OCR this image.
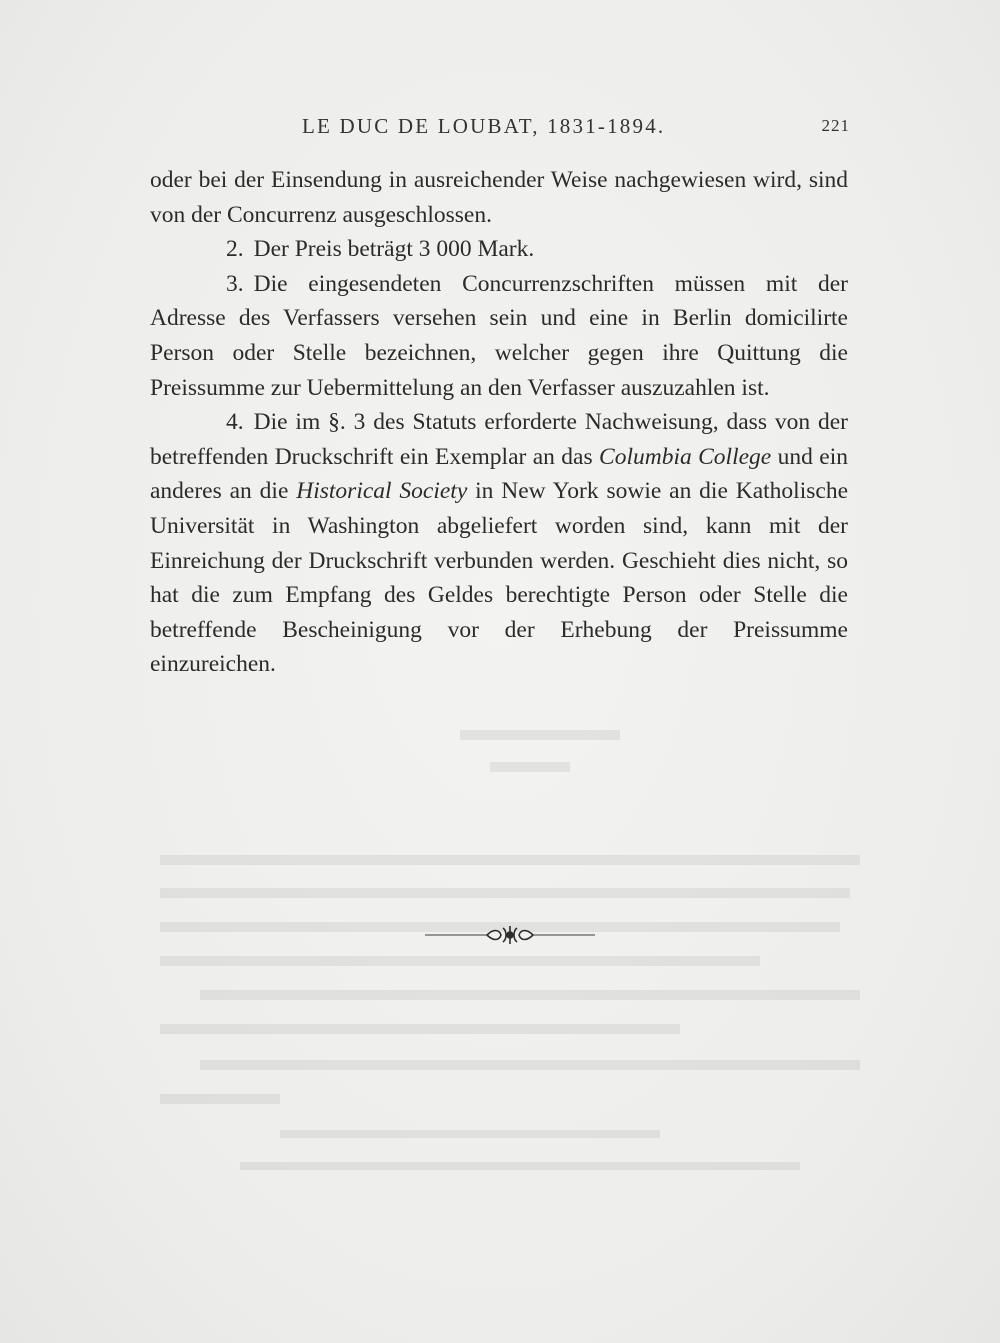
LE DUC DE LOUBAT, 1831-1894.	221

oder bei der Einsendung in ausreichender Weise nachgewiesen wird, sind von der Concurrenz ausgeschlossen.

2. Der Preis beträgt 3 000 Mark.

3. Die eingesendeten Concurrenzschriften müssen mit der Adresse des Verfassers versehen sein und eine in Berlin domicilirte Person oder Stelle bezeichnen, welcher gegen ihre Quittung die Preissumme zur Uebermittelung an den Verfasser auszuzahlen ist.

4. Die im §. 3 des Statuts erforderte Nachweisung, dass von der betreffenden Druckschrift ein Exemplar an das Columbia College und ein anderes an die Historical Society in New York sowie an die Katholische Universität in Washington abgeliefert worden sind, kann mit der Einreichung der Druckschrift verbunden werden. Geschieht dies nicht, so hat die zum Empfang des Geldes berechtigte Person oder Stelle die betreffende Bescheinigung vor der Erhebung der Preissumme einzureichen.
